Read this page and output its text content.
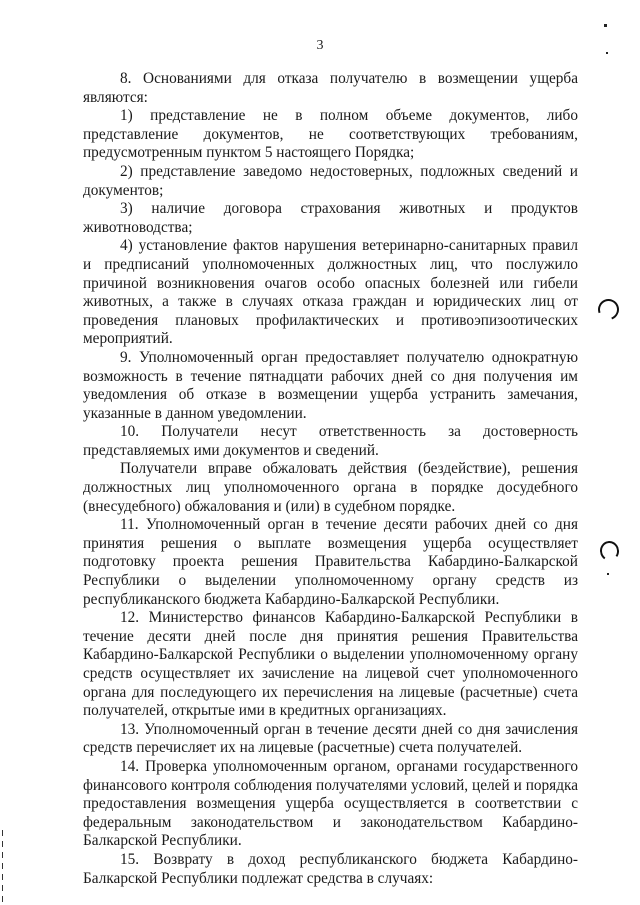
3

8. Основаниями для отказа получателю в возмещении ущерба являются:

1) представление не в полном объеме документов, либо представление документов, не соответствующих требованиям, предусмотренным пунктом 5 настоящего Порядка;

2) представление заведомо недостоверных, подложных сведений и документов;

3) наличие договора страхования животных и продуктов животноводства;

4) установление фактов нарушения ветеринарно-санитарных правил и предписаний уполномоченных должностных лиц, что послужило причиной возникновения очагов особо опасных болезней или гибели животных, а также в случаях отказа граждан и юридических лиц от проведения плановых профилактических и противоэпизоотических мероприятий.

9. Уполномоченный орган предоставляет получателю однократную возможность в течение пятнадцати рабочих дней со дня получения им уведомления об отказе в возмещении ущерба устранить замечания, указанные в данном уведомлении.

10. Получатели несут ответственность за достоверность представляемых ими документов и сведений.

Получатели вправе обжаловать действия (бездействие), решения должностных лиц уполномоченного органа в порядке досудебного (внесудебного) обжалования и (или) в судебном порядке.

11. Уполномоченный орган в течение десяти рабочих дней со дня принятия решения о выплате возмещения ущерба осуществляет подготовку проекта решения Правительства Кабардино-Балкарской Республики о выделении уполномоченному органу средств из республиканского бюджета Кабардино-Балкарской Республики.

12. Министерство финансов Кабардино-Балкарской Республики в течение десяти дней после дня принятия решения Правительства Кабардино-Балкарской Республики о выделении уполномоченному органу средств осуществляет их зачисление на лицевой счет уполномоченного органа для последующего их перечисления на лицевые (расчетные) счета получателей, открытые ими в кредитных организациях.

13. Уполномоченный орган в течение десяти дней со дня зачисления средств перечисляет их на лицевые (расчетные) счета получателей.

14. Проверка уполномоченным органом, органами государственного финансового контроля соблюдения получателями условий, целей и порядка предоставления возмещения ущерба осуществляется в соответствии с федеральным законодательством и законодательством Кабардино-Балкарской Республики.

15. Возврату в доход республиканского бюджета Кабардино-Балкарской Республики подлежат средства в случаях:
